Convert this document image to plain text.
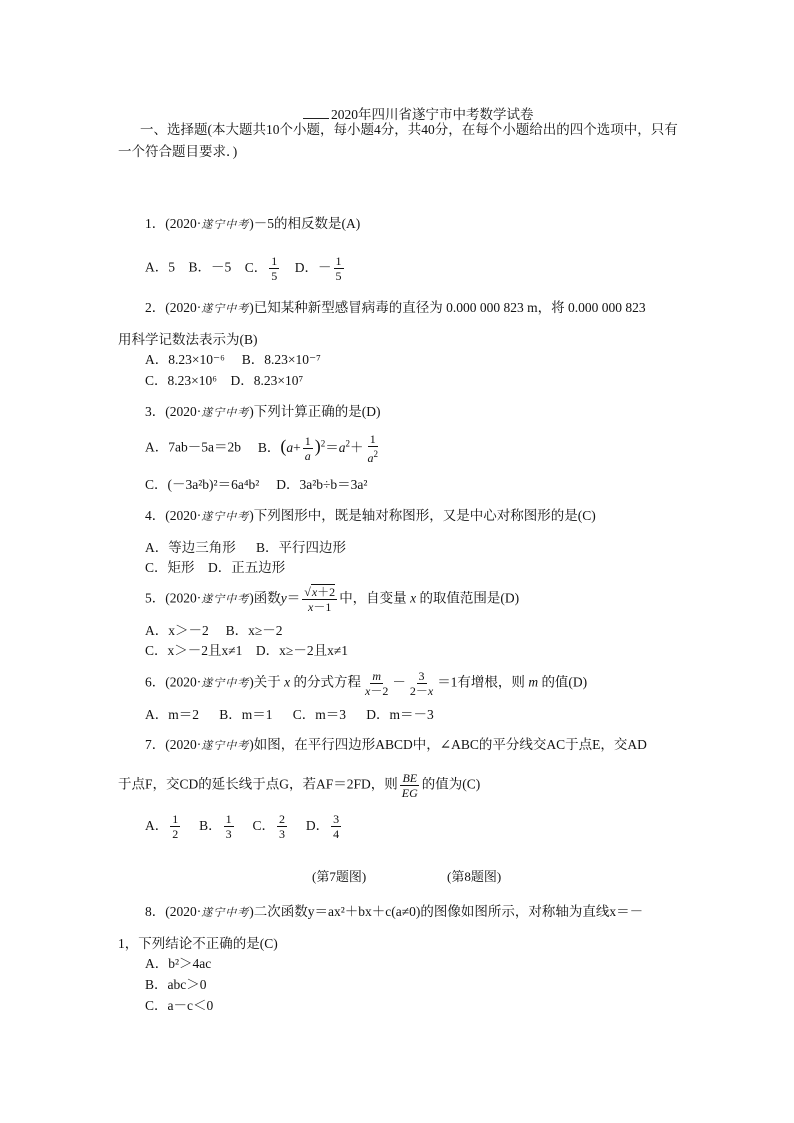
2020年四川省遂宁市中考数学试卷
一、选择题(本大题共10个小题，每小题4分，共40分，在每个小题给出的四个选项中，只有一个符合题目要求．)
1．(2020·遂宁中考)－5的相反数是(A)
A．5 B．－5 C． $\frac{1}{5}$ D．－ $\frac{1}{5}$
2．(2020·遂宁中考)已知某种新型感冒病毒的直径为 0.000 000 823 m，将 0.000 000 823
用科学记数法表示为(B)
A．8.23×10⁻⁶ B．8.23×10⁻⁷
C．8.23×10⁶ D．8.23×10⁷
3．(2020·遂宁中考)下列计算正确的是(D)
A．7ab－5a＝2b B．$(a+ \frac{1}{a} )^2=a^2+ \frac{1}{a^2}$
C．(－3a²b)²＝6a⁴b² D．3a²b÷b＝3a²
4．(2020·遂宁中考)下列图形中，既是轴对称图形，又是中心对称图形的是(C)
A．等边三角形 B．平行四边形
C．矩形 D．正五边形
5．(2020·遂宁中考)函数$y= \frac{√x+2}{x-1}$ 中，自变量 x 的取值范围是(D)
A．x＞－2 B．x≥－2
C．x＞－2且x≠1 D．x≥－2且x≠1
6．(2020·遂宁中考)关于 x 的分式方程 $\frac{m}{x-2} - \frac{3}{2-x} =1$有增根，则 m 的值(D)
A．m＝2 B．m＝1 C．m＝3 D．m＝－3
7．(2020·遂宁中考)如图，在平行四边形ABCD中，∠ABC的平分线交AC于点E，交AD
于点F，交CD的延长线于点G，若AF＝2FD，则 $\frac{BE}{EG}$ 的值为(C)
A． $\frac{1}{2}$ B． $\frac{1}{3}$ C． $\frac{2}{3}$ D． $\frac{3}{4}$
(第7题图)	(第8题图)
8．(2020·遂宁中考)二次函数y＝ax²＋bx＋c(a≠0)的图像如图所示，对称轴为直线x＝－
1，下列结论不正确的是(C)
A．b²＞4ac
B．abc＞0
C．a－c＜0
